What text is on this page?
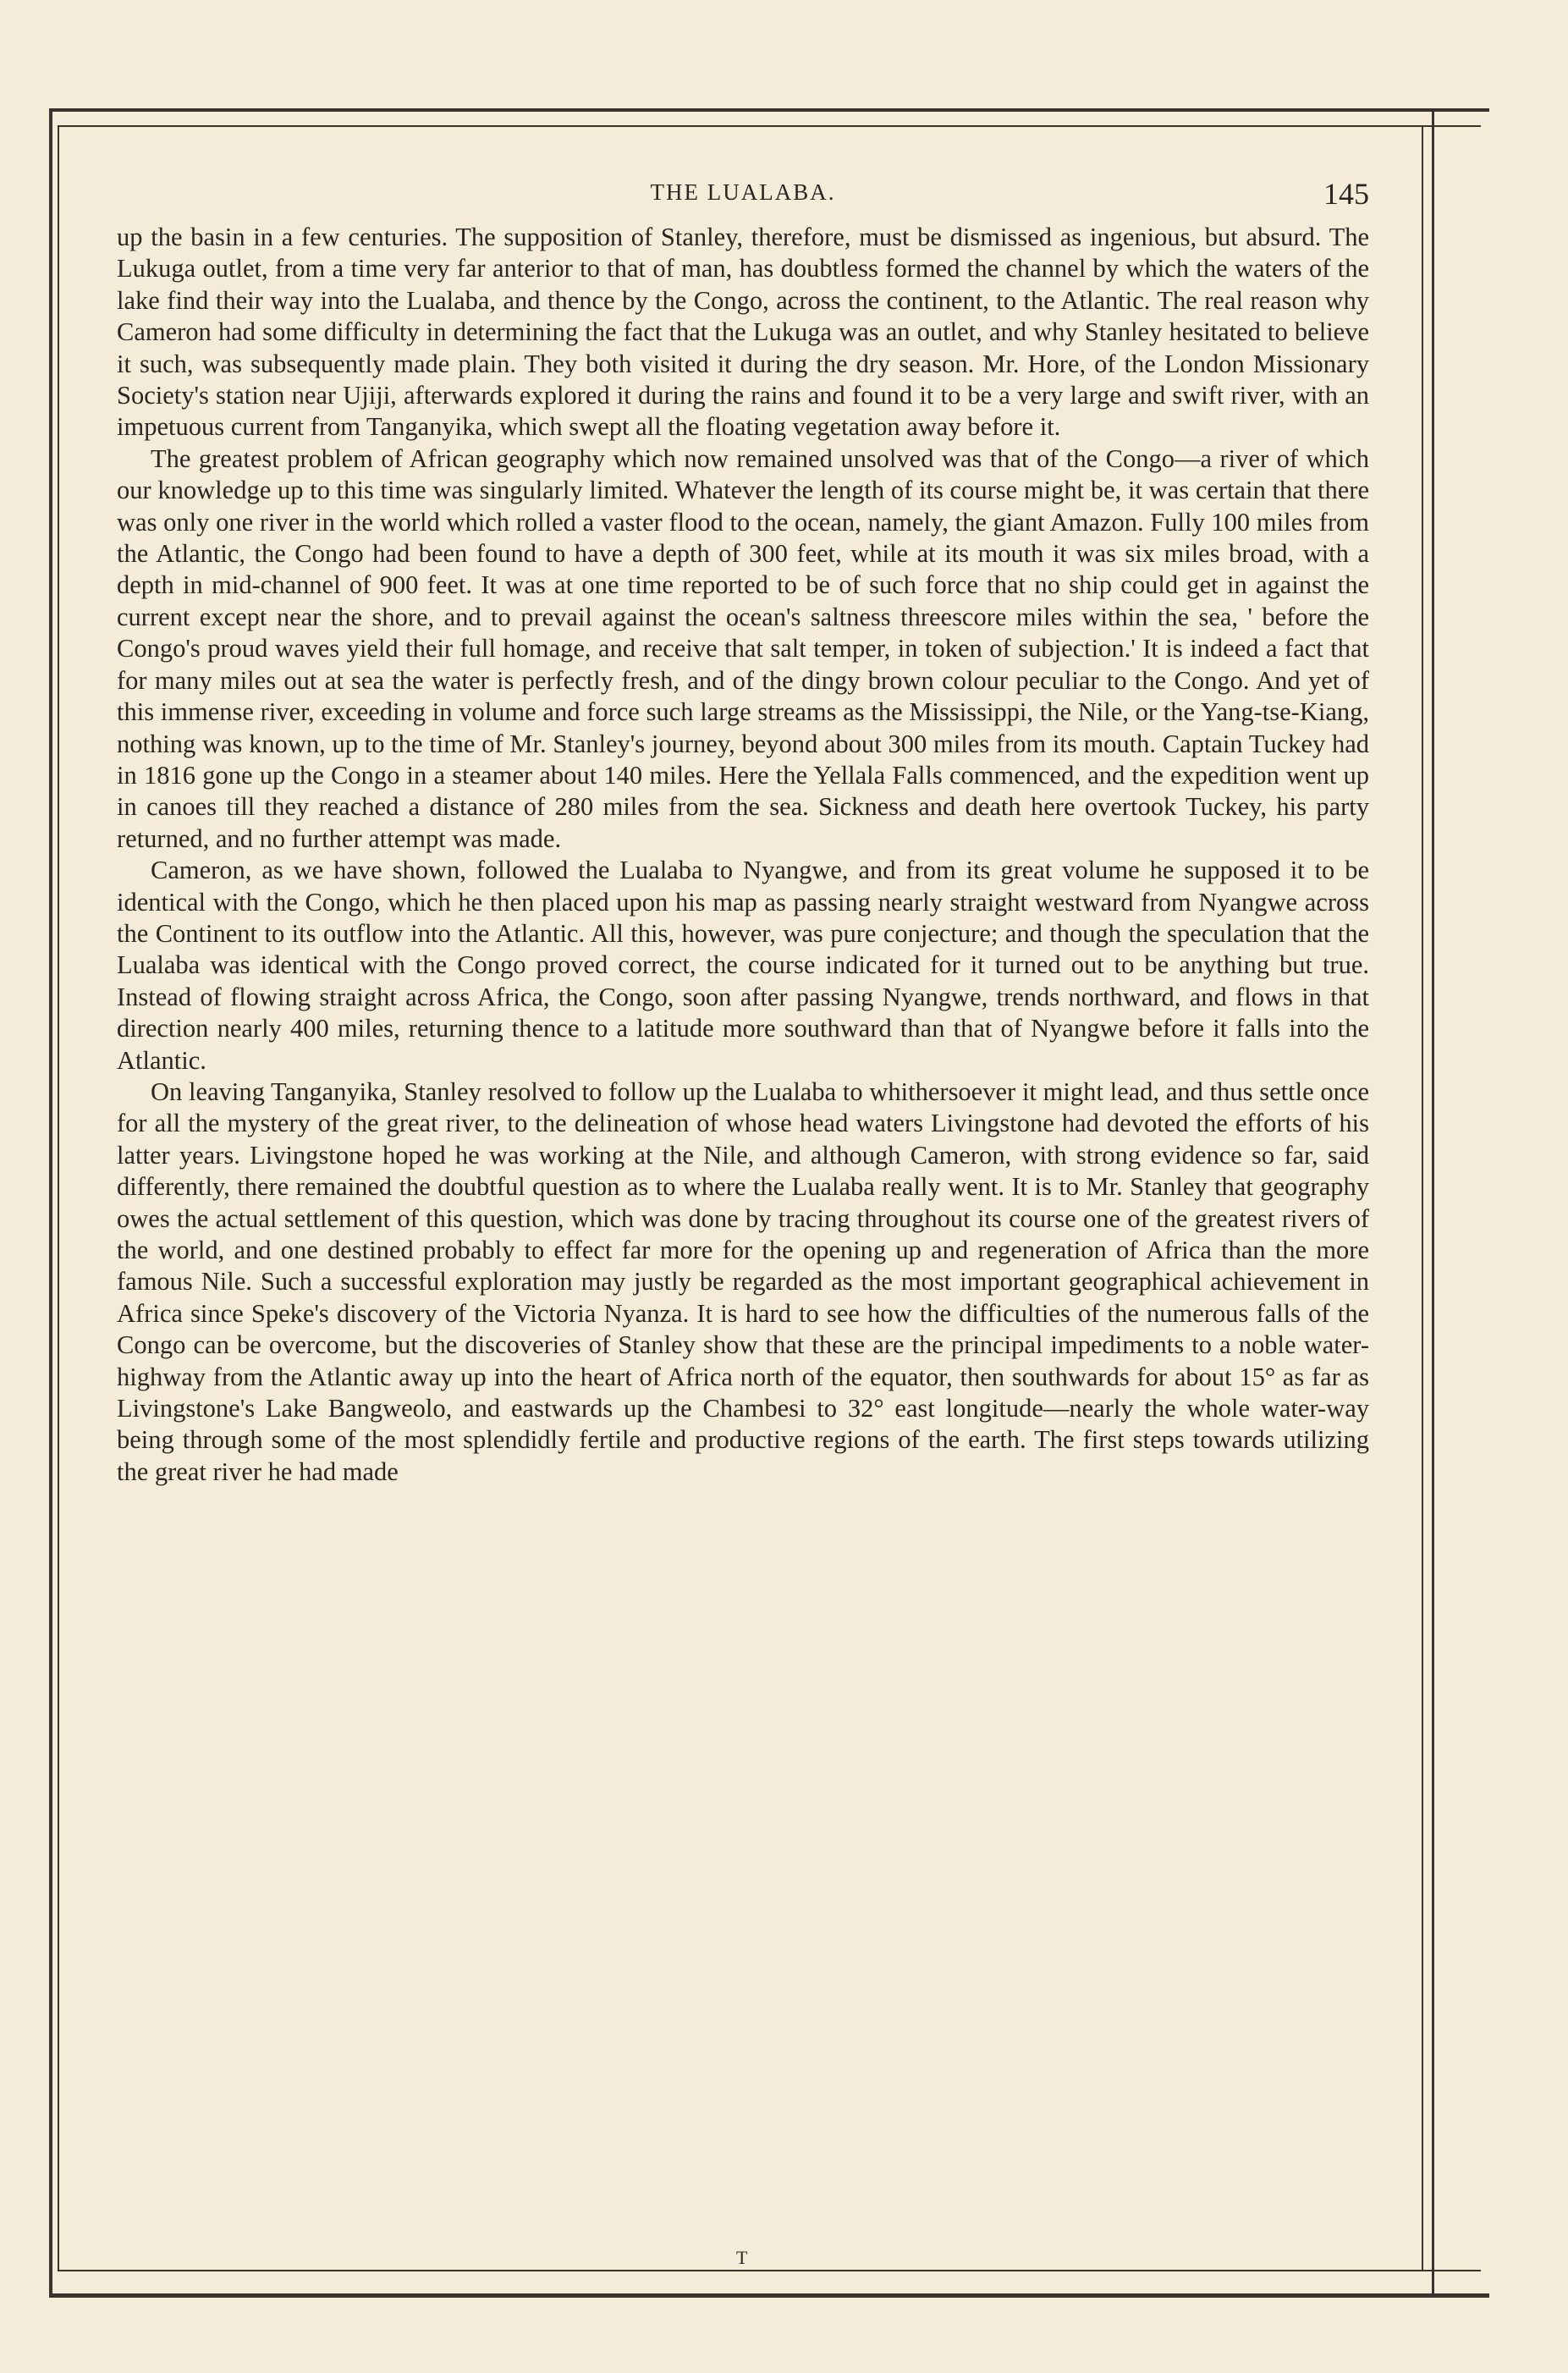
THE LUALABA.	145

up the basin in a few centuries. The supposition of Stanley, therefore, must be dismissed as ingenious, but absurd. The Lukuga outlet, from a time very far anterior to that of man, has doubtless formed the channel by which the waters of the lake find their way into the Lualaba, and thence by the Congo, across the continent, to the Atlantic. The real reason why Cameron had some difficulty in determining the fact that the Lukuga was an outlet, and why Stanley hesitated to believe it such, was subsequently made plain. They both visited it during the dry season. Mr. Hore, of the London Missionary Society's station near Ujiji, afterwards explored it during the rains and found it to be a very large and swift river, with an impetuous current from Tanganyika, which swept all the floating vegetation away before it.

The greatest problem of African geography which now remained unsolved was that of the Congo—a river of which our knowledge up to this time was singularly limited. Whatever the length of its course might be, it was certain that there was only one river in the world which rolled a vaster flood to the ocean, namely, the giant Amazon. Fully 100 miles from the Atlantic, the Congo had been found to have a depth of 300 feet, while at its mouth it was six miles broad, with a depth in mid-channel of 900 feet. It was at one time reported to be of such force that no ship could get in against the current except near the shore, and to prevail against the ocean's saltness threescore miles within the sea, ' before the Congo's proud waves yield their full homage, and receive that salt temper, in token of subjection.' It is indeed a fact that for many miles out at sea the water is perfectly fresh, and of the dingy brown colour peculiar to the Congo. And yet of this immense river, exceeding in volume and force such large streams as the Mississippi, the Nile, or the Yang-tse-Kiang, nothing was known, up to the time of Mr. Stanley's journey, beyond about 300 miles from its mouth. Captain Tuckey had in 1816 gone up the Congo in a steamer about 140 miles. Here the Yellala Falls commenced, and the expedition went up in canoes till they reached a distance of 280 miles from the sea. Sickness and death here overtook Tuckey, his party returned, and no further attempt was made.

Cameron, as we have shown, followed the Lualaba to Nyangwe, and from its great volume he supposed it to be identical with the Congo, which he then placed upon his map as passing nearly straight westward from Nyangwe across the Continent to its outflow into the Atlantic. All this, however, was pure conjecture; and though the speculation that the Lualaba was identical with the Congo proved correct, the course indicated for it turned out to be anything but true. Instead of flowing straight across Africa, the Congo, soon after passing Nyangwe, trends northward, and flows in that direction nearly 400 miles, returning thence to a latitude more southward than that of Nyangwe before it falls into the Atlantic.

On leaving Tanganyika, Stanley resolved to follow up the Lualaba to whithersoever it might lead, and thus settle once for all the mystery of the great river, to the delineation of whose head waters Livingstone had devoted the efforts of his latter years. Livingstone hoped he was working at the Nile, and although Cameron, with strong evidence so far, said differently, there remained the doubtful question as to where the Lualaba really went. It is to Mr. Stanley that geography owes the actual settlement of this question, which was done by tracing throughout its course one of the greatest rivers of the world, and one destined probably to effect far more for the opening up and regeneration of Africa than the more famous Nile. Such a successful exploration may justly be regarded as the most important geographical achievement in Africa since Speke's discovery of the Victoria Nyanza. It is hard to see how the difficulties of the numerous falls of the Congo can be overcome, but the discoveries of Stanley show that these are the principal impediments to a noble water-highway from the Atlantic away up into the heart of Africa north of the equator, then southwards for about 15° as far as Livingstone's Lake Bangweolo, and eastwards up the Chambesi to 32° east longitude—nearly the whole water-way being through some of the most splendidly fertile and productive regions of the earth. The first steps towards utilizing the great river he had made

T
